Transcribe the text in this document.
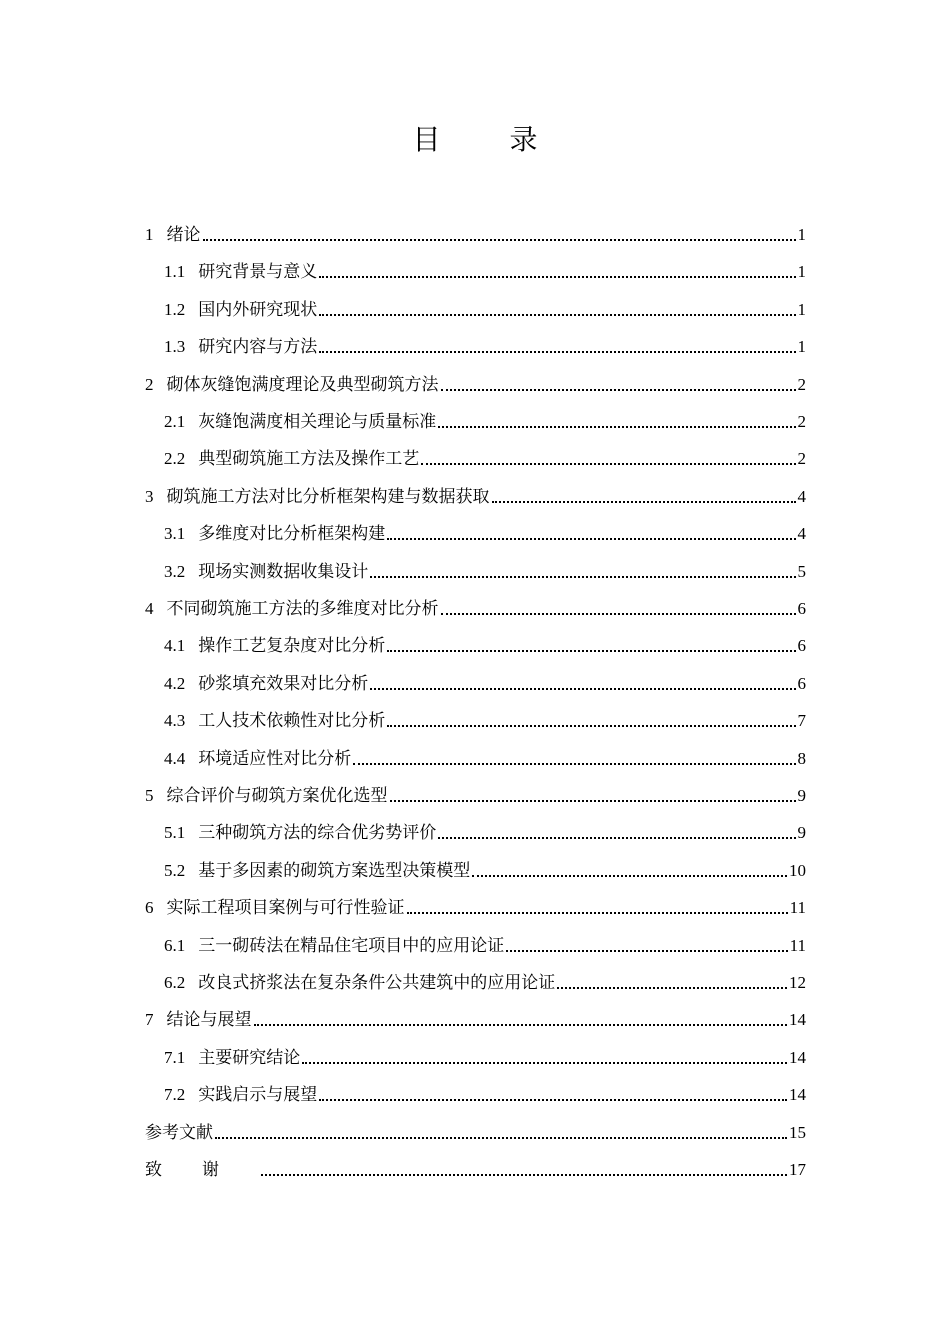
目 录
1 绪论	1
1.1 研究背景与意义	1
1.2 国内外研究现状	1
1.3 研究内容与方法	1
2 砌体灰缝饱满度理论及典型砌筑方法	2
2.1 灰缝饱满度相关理论与质量标准	2
2.2 典型砌筑施工方法及操作工艺	2
3 砌筑施工方法对比分析框架构建与数据获取	4
3.1 多维度对比分析框架构建	4
3.2 现场实测数据收集设计	5
4 不同砌筑施工方法的多维度对比分析	6
4.1 操作工艺复杂度对比分析	6
4.2 砂浆填充效果对比分析	6
4.3 工人技术依赖性对比分析	7
4.4 环境适应性对比分析	8
5 综合评价与砌筑方案优化选型	9
5.1 三种砌筑方法的综合优劣势评价	9
5.2 基于多因素的砌筑方案选型决策模型	10
6 实际工程项目案例与可行性验证	11
6.1 三一砌砖法在精品住宅项目中的应用论证	11
6.2 改良式挤浆法在复杂条件公共建筑中的应用论证	12
7 结论与展望	14
7.1 主要研究结论	14
7.2 实践启示与展望	14
参考文献	15
致谢	17
